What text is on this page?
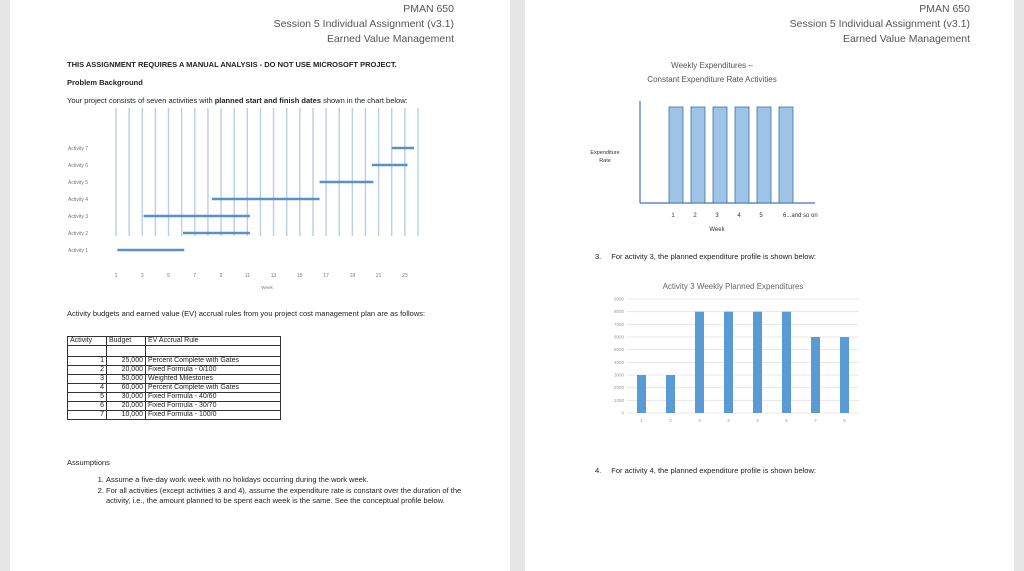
PMAN 650
Session 5 Individual Assignment (v3.1)
Earned Value Management
THIS ASSIGNMENT REQUIRES A MANUAL ANALYSIS - DO NOT USE MICROSOFT PROJECT.
Problem Background
Your project consists of seven activities with planned start and finish dates shown in the chart below:
Activity 7
Activity 6
Activity 5
Activity 4
Activity 3
Activity 2
Activity 1
1	3	5	7	9	11	13	15	17	19	21	23
Week
Activity budgets and earned value (EV) accrual rules from you project cost management plan are as follows:
Activity	Budget	EV Accrual Rule

1	25,000	Percent Complete with Gates
2	20,000	Fixed Formula - 0/100
3	50,000	Weighted Milestones
4	60,000	Percent Complete with Gates
5	30,000	Fixed Formula - 40/60
6	20,000	Fixed Formula - 30/70
7	10,000	Fixed Formula - 100/0
Assumptions
1. Assume a five-day work week with no holidays occurring during the work week.
2. For all activities (except activities 3 and 4), assume the expenditure rate is constant over the duration of the activity, i.e., the amount planned to be spent each week is the same. See the conceptual profile below.
PMAN 650
Session 5 Individual Assignment (v3.1)
Earned Value Management
Weekly Expenditures –
Constant Expenditure Rate Activities
1	2	3	4	5	6...and so on
Expenditure
Rate
Week
3. For activity 3, the planned expenditure profile is shown below:
Activity 3 Weekly Planned Expenditures
0
1000
2000
3000
4000
5000
6000
7000
8000
9000
1	2	3	4	5	6	7	8
4. For activity 4, the planned expenditure profile is shown below:
